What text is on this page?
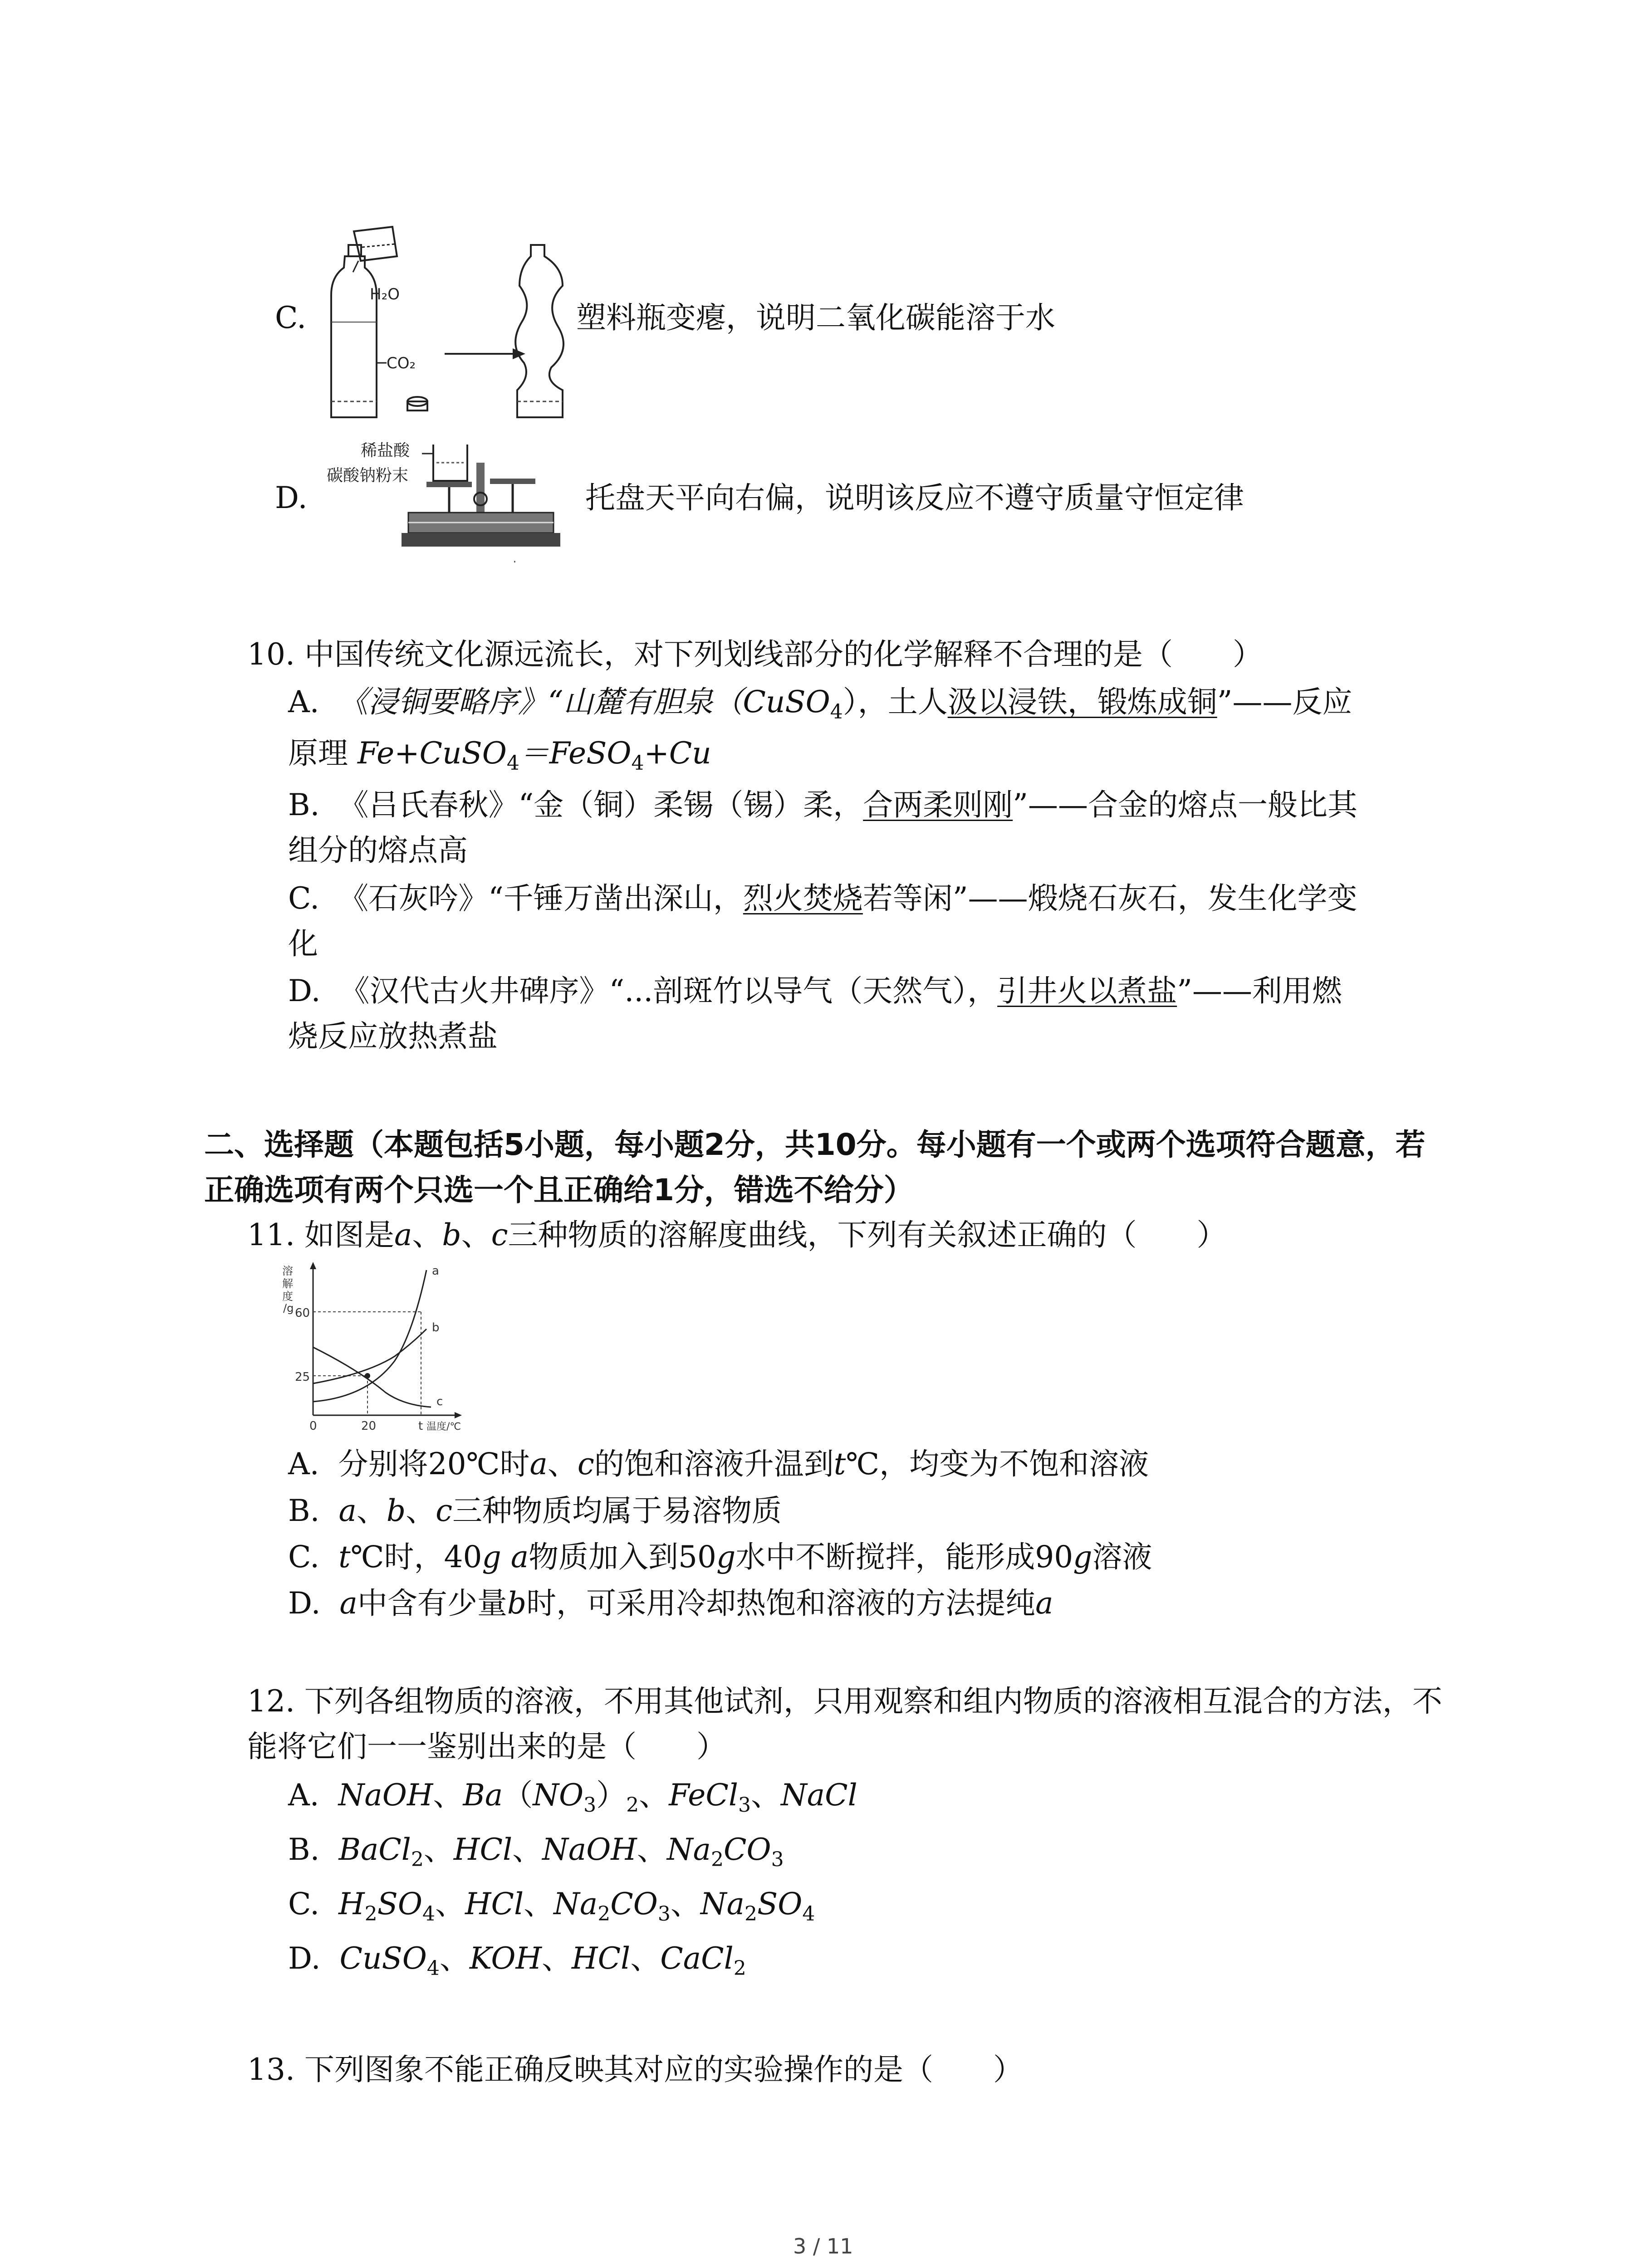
C.
H₂O
CO₂
塑料瓶变瘪，说明二氧化碳能溶于水
D.
稀盐酸
碳酸钠粉末
.
托盘天平向右偏，说明该反应不遵守质量守恒定律
10. 中国传统文化源远流长，对下列划线部分的化学解释不合理的是（　　）
A. 《浸铜要略序》“山麓有胆泉（CuSO$_4$），土人汲以浸铁，锻炼成铜”——反应
原理 Fe+CuSO$_4$＝FeSO$_4$+Cu
B. 《吕氏春秋》“金（铜）柔锡（锡）柔，合两柔则刚”——合金的熔点一般比其
组分的熔点高
C. 《石灰吟》“千锤万凿出深山，烈火焚烧若等闲”——煅烧石灰石，发生化学变
化
D. 《汉代古火井碑序》“...剖斑竹以导气（天然气），引井火以煮盐”——利用燃
烧反应放热煮盐
二、选择题（本题包括5小题，每小题2分，共10分。每小题有一个或两个选项符合题意，若
正确选项有两个只选一个且正确给1分，错选不给分）
11. 如图是a、b、c三种物质的溶解度曲线，下列有关叙述正确的（　　）
溶
解
度
/g 60
25
0	20	t 温度/℃
a
b
c
A. 分别将20℃时a、c的饱和溶液升温到t℃，均变为不饱和溶液
B. a、b、c三种物质均属于易溶物质
C. t℃时，40g a物质加入到50g水中不断搅拌，能形成90g溶液
D. a中含有少量b时，可采用冷却热饱和溶液的方法提纯a
12. 下列各组物质的溶液，不用其他试剂，只用观察和组内物质的溶液相互混合的方法，不
能将它们一一鉴别出来的是（　　）
A. NaOH、$Ba(NO_3)_2$、FeCl$_3$、NaCl
B. BaCl$_2$、HCl、NaOH、$Na_2CO_3$
C. $H_2SO_4$、HCl、$Na_2CO_3$、$Na_2SO_4$
D. CuSO$_4$、KOH、HCl、CaCl$_2$
13. 下列图象不能正确反映其对应的实验操作的是（　　）
3 / 11
